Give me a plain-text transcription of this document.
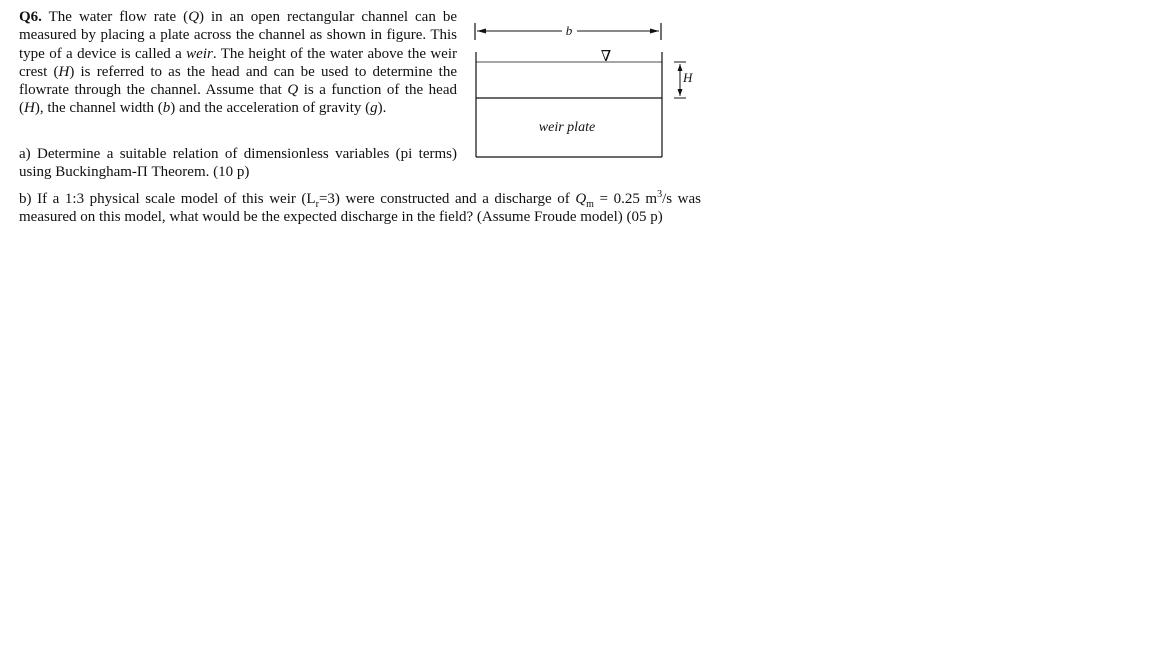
Q6. The water flow rate (Q) in an open rectangular channel can be measured by placing a plate across the channel as shown in figure. This type of a device is called a weir. The height of the water above the weir crest (H) is referred to as the head and can be used to determine the flowrate through the channel. Assume that Q is a function of the head (H), the channel width (b) and the acceleration of gravity (g).
a) Determine a suitable relation of dimensionless variables (pi terms) using Buckingham-Π Theorem. (10 p)
b) If a 1:3 physical scale model of this weir $(L_r=3)$ were constructed and a discharge of $Q_m = 0.25$ $m^3/s$ was measured on this model, what would be the expected discharge in the field? (Assume Froude model) (05 p)
b
∇
weir plate
H
